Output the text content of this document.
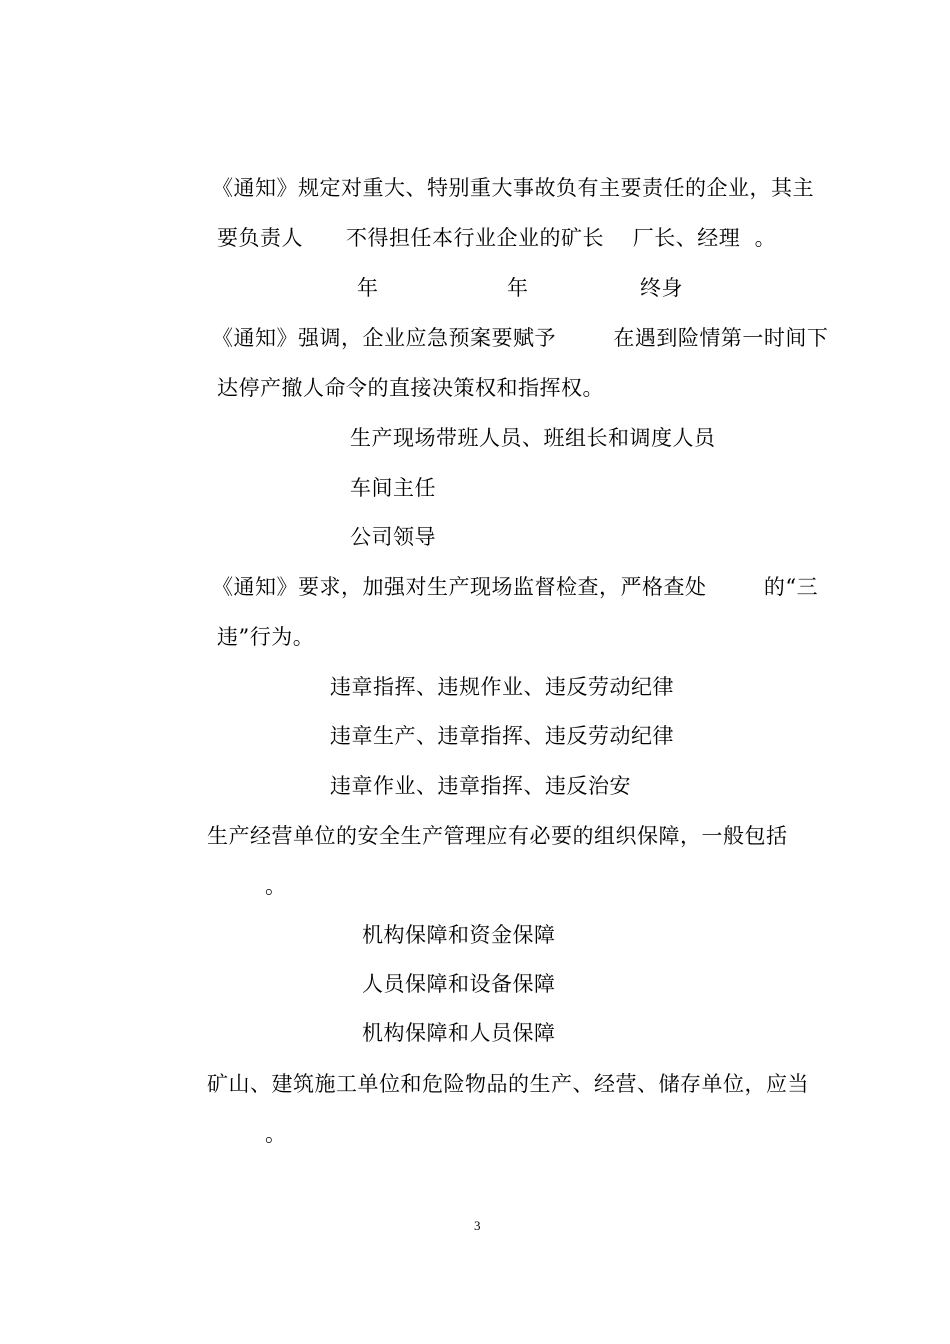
《通知》规定对重大、特别重大事故负有主要责任的企业，其主
要负责人      不得担任本行业企业的矿长    厂长、经理  。
年	年	终身
《通知》强调，企业应急预案要赋予        在遇到险情第一时间下
达停产撤人命令的直接决策权和指挥权。
生产现场带班人员、班组长和调度人员
车间主任
公司领导
《通知》要求，加强对生产现场监督检查，严格查处        的“三
违”行为。
违章指挥、违规作业、违反劳动纪律
违章生产、违章指挥、违反劳动纪律
违章作业、违章指挥、违反治安
生产经营单位的安全生产管理应有必要的组织保障，一般包括
。
机构保障和资金保障
人员保障和设备保障
机构保障和人员保障
矿山、建筑施工单位和危险物品的生产、经营、储存单位，应当
。
3
